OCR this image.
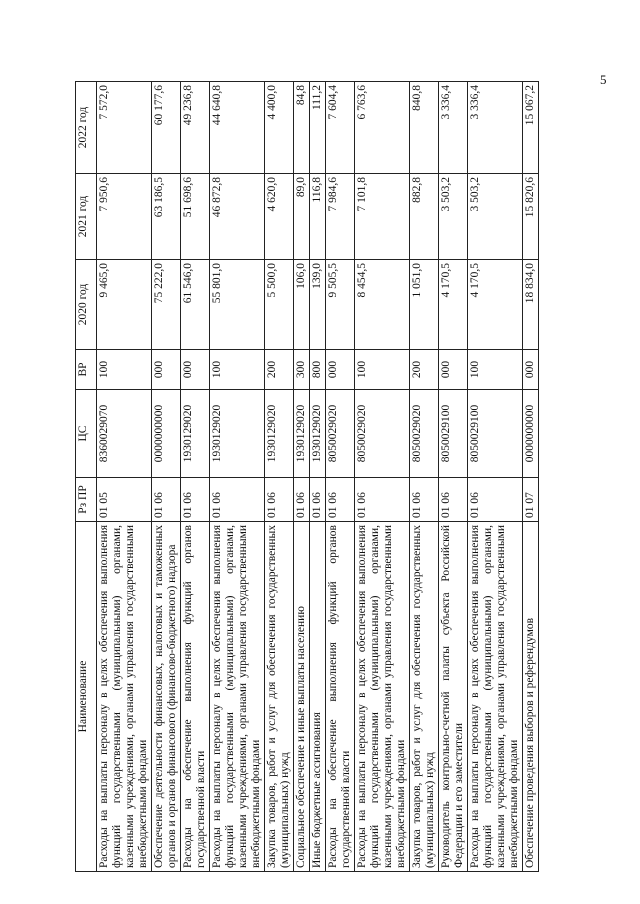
5
Наименование	Рз ПР	ЦС	ВР	2020 год	2021 год	2022 год
Расходы на выплаты персоналу в целях обеспечения выполнения функций государственными (муниципальными) органами, казенными учреждениями, органами управления государственными внебюджетными фондами	01 05	8360029070	100	9 465,0	7 950,6	7 572,0
Обеспечение деятельности финансовых, налоговых и таможенных органов и органов финансового (финансово-бюджетного) надзора	01 06	0000000000	000	75 222,0	63 186,5	60 177,6
Расходы на обеспечение выполнения функций органов государственной власти	01 06	1930129020	000	61 546,0	51 698,6	49 236,8
Расходы на выплаты персоналу в целях обеспечения выполнения функций государственными (муниципальными) органами, казенными учреждениями, органами управления государственными внебюджетными фондами	01 06	1930129020	100	55 801,0	46 872,8	44 640,8
Закупка товаров, работ и услуг для обеспечения государственных (муниципальных) нужд	01 06	1930129020	200	5 500,0	4 620,0	4 400,0
Социальное обеспечение и иные выплаты населению	01 06	1930129020	300	106,0	89,0	84,8
Иные бюджетные ассигнования	01 06	1930129020	800	139,0	116,8	111,2
Расходы на обеспечение выполнения функций органов государственной власти	01 06	8050029020	000	9 505,5	7 984,6	7 604,4
Расходы на выплаты персоналу в целях обеспечения выполнения функций государственными (муниципальными) органами, казенными учреждениями, органами управления государственными внебюджетными фондами	01 06	8050029020	100	8 454,5	7 101,8	6 763,6
Закупка товаров, работ и услуг для обеспечения государственных (муниципальных) нужд	01 06	8050029020	200	1 051,0	882,8	840,8
Руководитель контрольно-счетной палаты субъекта Российской Федерации и его заместители	01 06	8050029100	000	4 170,5	3 503,2	3 336,4
Расходы на выплаты персоналу в целях обеспечения выполнения функций государственными (муниципальными) органами, казенными учреждениями, органами управления государственными внебюджетными фондами	01 06	8050029100	100	4 170,5	3 503,2	3 336,4
Обеспечение проведения выборов и референдумов	01 07	0000000000	000	18 834,0	15 820,6	15 067,2
